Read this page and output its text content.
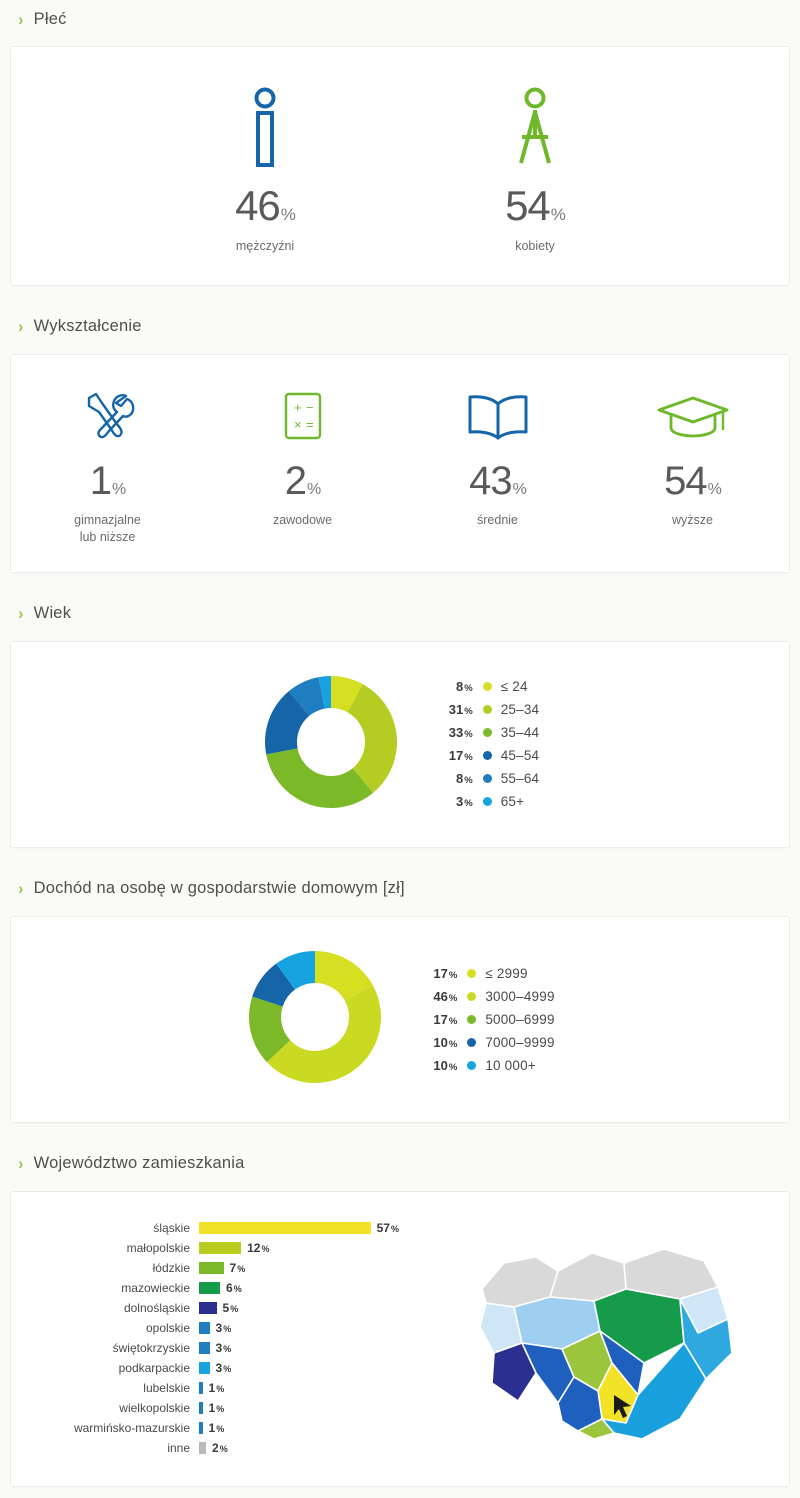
› Płeć
46%
mężczyźni
54%
kobiety
› Wykształcenie
1%
gimnazjalne
lub niższe
+ −
× =
2%
zawodowe
43%
średnie
54%
wyższe
› Wiek
8% ≤ 24
31% 25–34
33% 35–44
17% 45–54
8% 55–64
3% 65+
› Dochód na osobę w gospodarstwie domowym [zł]
17% ≤ 2999
46% 3000–4999
17% 5000–6999
10% 7000–9999
10% 10 000+
› Województwo zamieszkania
śląskie	57%
małopolskie	12%
łódzkie	7%
mazowieckie	6%
dolnośląskie	5%
opolskie	3%
świętokrzyskie	3%
podkarpackie	3%
lubelskie	1%
wielkopolskie	1%
warmińsko-mazurskie	1%
inne	2%
